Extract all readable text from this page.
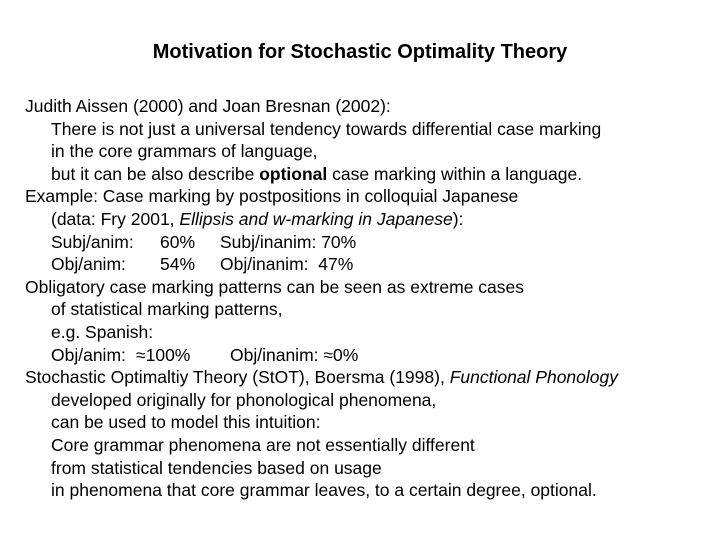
Motivation for Stochastic Optimality Theory
Judith Aissen (2000) and Joan Bresnan (2002):
There is not just a universal tendency towards differential case marking
in the core grammars of language,
but it can be also describe optional case marking within a language.
Example: Case marking by postpositions in colloquial Japanese
(data: Fry 2001, Ellipsis and w-marking in Japanese):
Subj/anim: 60% Subj/inanim: 70%
Obj/anim: 54% Obj/inanim: 47%
Obligatory case marking patterns can be seen as extreme cases
of statistical marking patterns,
e.g. Spanish:
Obj/anim: ≈100% Obj/inanim: ≈0%
Stochastic Optimaltiy Theory (StOT), Boersma (1998), Functional Phonology
developed originally for phonological phenomena,
can be used to model this intuition:
Core grammar phenomena are not essentially different
from statistical tendencies based on usage
in phenomena that core grammar leaves, to a certain degree, optional.
